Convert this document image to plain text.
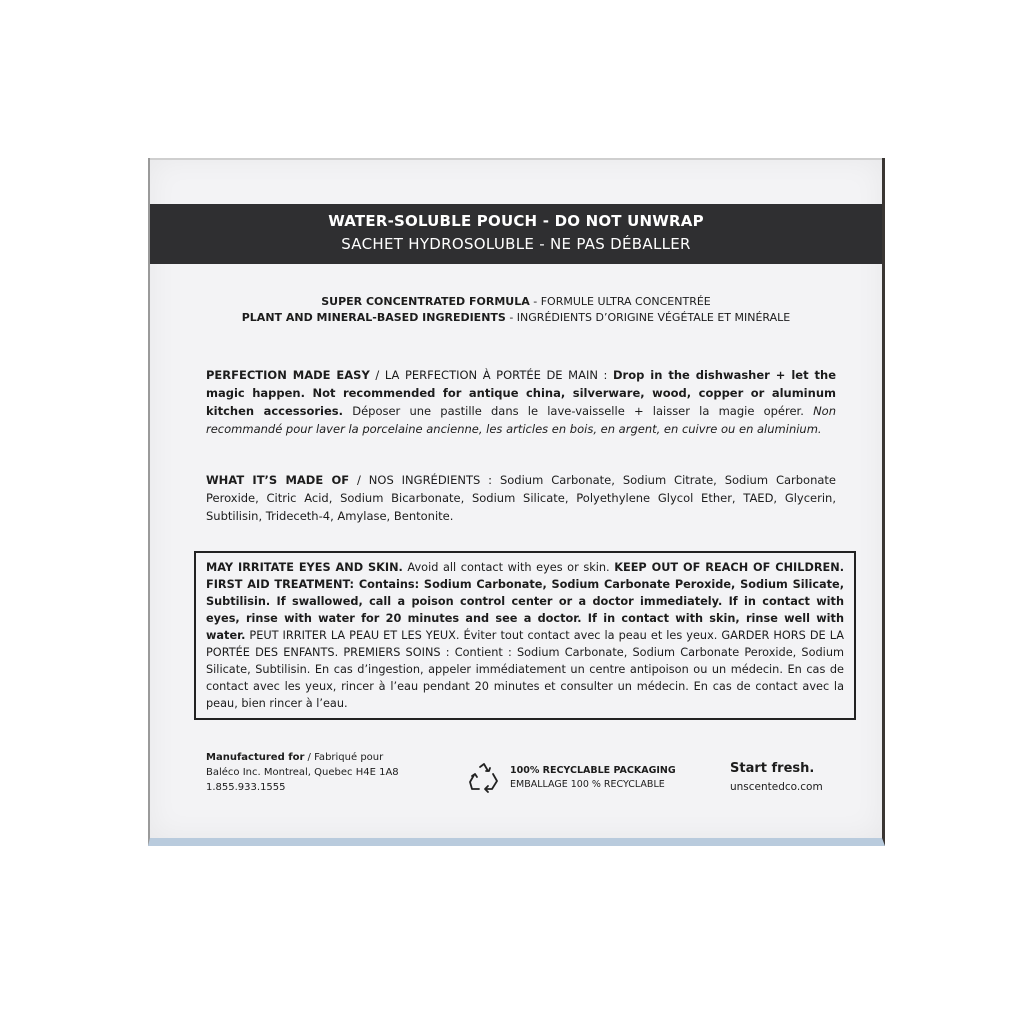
WATER-SOLUBLE POUCH - DO NOT UNWRAP
SACHET HYDROSOLUBLE - NE PAS DÉBALLER
SUPER CONCENTRATED FORMULA - FORMULE ULTRA CONCENTRÉE
PLANT AND MINERAL-BASED INGREDIENTS - INGRÉDIENTS D’ORIGINE VÉGÉTALE ET MINÉRALE
PERFECTION MADE EASY / LA PERFECTION À PORTÉE DE MAIN : Drop in the dishwasher + let the magic happen. Not recommended for antique china, silverware, wood, copper or aluminum kitchen accessories. Déposer une pastille dans le lave-vaisselle + laisser la magie opérer. Non recommandé pour laver la porcelaine ancienne, les articles en bois, en argent, en cuivre ou en aluminium.
WHAT IT’S MADE OF / NOS INGRÉDIENTS : Sodium Carbonate, Sodium Citrate, Sodium Carbonate Peroxide, Citric Acid, Sodium Bicarbonate, Sodium Silicate, Polyethylene Glycol Ether, TAED, Glycerin, Subtilisin, Trideceth-4, Amylase, Bentonite.
MAY IRRITATE EYES AND SKIN. Avoid all contact with eyes or skin. KEEP OUT OF REACH OF CHILDREN. FIRST AID TREATMENT: Contains: Sodium Carbonate, Sodium Carbonate Peroxide, Sodium Silicate, Subtilisin. If swallowed, call a poison control center or a doctor immediately. If in contact with eyes, rinse with water for 20 minutes and see a doctor. If in contact with skin, rinse well with water. PEUT IRRITER LA PEAU ET LES YEUX. Éviter tout contact avec la peau et les yeux. GARDER HORS DE LA PORTÉE DES ENFANTS. PREMIERS SOINS : Contient : Sodium Carbonate, Sodium Carbonate Peroxide, Sodium Silicate, Subtilisin. En cas d’ingestion, appeler immédiatement un centre antipoison ou un médecin. En cas de contact avec les yeux, rincer à l’eau pendant 20 minutes et consulter un médecin. En cas de contact avec la peau, bien rincer à l’eau.
Manufactured for / Fabriqué pour
Baléco Inc. Montreal, Quebec H4E 1A8
1.855.933.1555
100% RECYCLABLE PACKAGING
EMBALLAGE 100 % RECYCLABLE
Start fresh.
unscentedco.com
